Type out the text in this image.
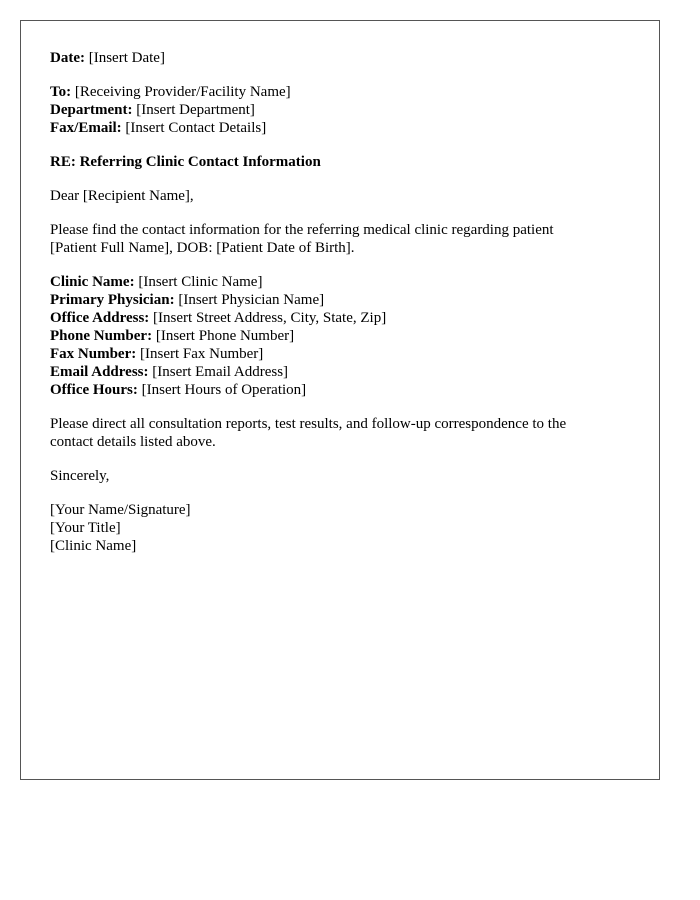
Date: [Insert Date]
To: [Receiving Provider/Facility Name]
Department: [Insert Department]
Fax/Email: [Insert Contact Details]
RE: Referring Clinic Contact Information
Dear [Recipient Name],
Please find the contact information for the referring medical clinic regarding patient
[Patient Full Name], DOB: [Patient Date of Birth].
Clinic Name: [Insert Clinic Name]
Primary Physician: [Insert Physician Name]
Office Address: [Insert Street Address, City, State, Zip]
Phone Number: [Insert Phone Number]
Fax Number: [Insert Fax Number]
Email Address: [Insert Email Address]
Office Hours: [Insert Hours of Operation]
Please direct all consultation reports, test results, and follow-up correspondence to the
contact details listed above.
Sincerely,
[Your Name/Signature]
[Your Title]
[Clinic Name]
